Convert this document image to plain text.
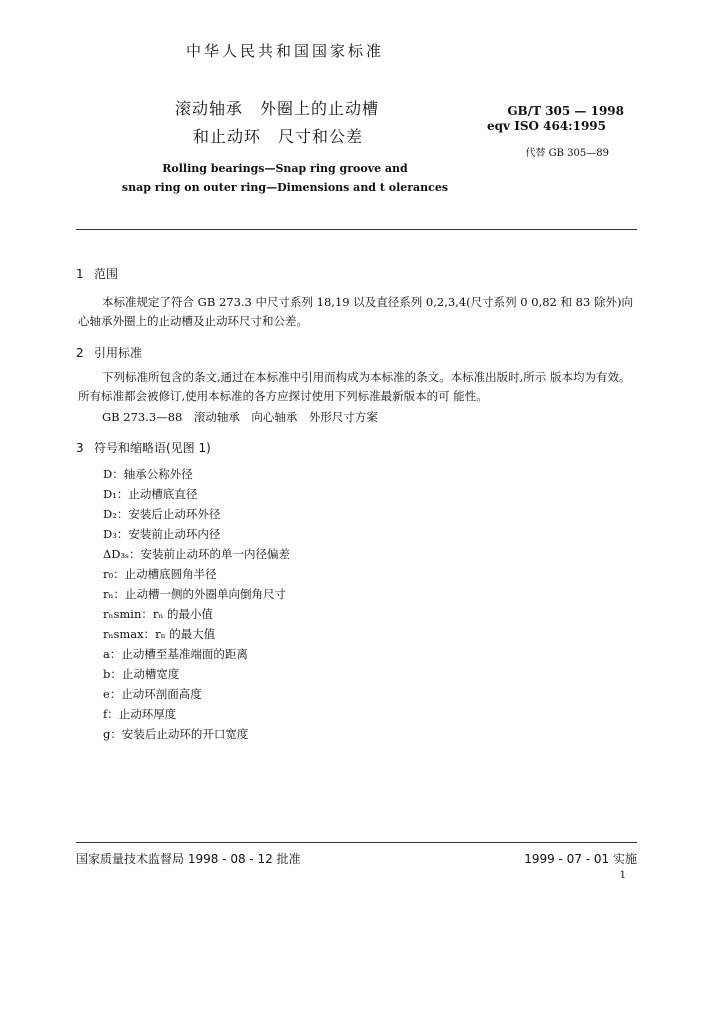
中华人民共和国国家标准
滚动轴承　外圈上的止动槽
和止动环　尺寸和公差
Rolling bearings—Snap ring groove and
snap ring on outer ring—Dimensions and t olerances
GB/T 305 — 1998
eqv ISO 464:1995
代替 GB 305—89
1 范围
本标准规定了符合 GB 273.3 中尺寸系列 18,19 以及直径系列 0,2,3,4(尺寸系列 0 0,82 和 83 除外)向心轴承外圈上的止动槽及止动环尺寸和公差。
2 引用标准
下列标准所包含的条文,通过在本标准中引用而构成为本标准的条文。本标准出版时,所示 版本均为有效。所有标准都会被修订,使用本标准的各方应探讨使用下列标准最新版本的可 能性。
GB 273.3—88　滚动轴承　向心轴承　外形尺寸方案
3 符号和缩略语(见图 1)
D：轴承公称外径
D₁：止动槽底直径
D₂：安装后止动环外径
D₃：安装前止动环内径
ΔD₃ₛ：安装前止动环的单一内径偏差
r₀：止动槽底圆角半径
rₙ：止动槽一侧的外圈单向倒角尺寸
rₙsmin：rₙ 的最小值
rₙsmax：rₙ 的最大值
a：止动槽至基准端面的距离
b：止动槽宽度
e：止动环剖面高度
f：止动环厚度
g：安装后止动环的开口宽度
国家质量技术监督局 1998 - 08 - 12 批准	1999 - 07 - 01 实施
1
